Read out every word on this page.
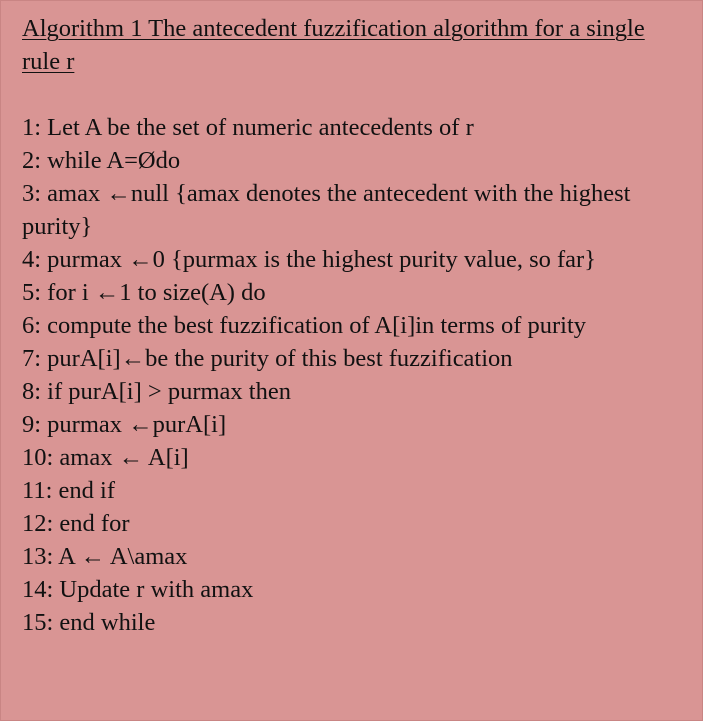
Algorithm 1 The antecedent fuzzification algorithm for a single rule r
1: Let A be the set of numeric antecedents of r
2: while A=Ødo
3: amax ←null {amax denotes the antecedent with the highest purity}
4: purmax ←0 {purmax is the highest purity value, so far}
5: for i ←1 to size(A) do
6: compute the best fuzzification of A[i]in terms of purity
7: purA[i]←be the purity of this best fuzzification
8: if purA[i] > purmax then
9: purmax ←purA[i]
10: amax ← A[i]
11: end if
12: end for
13: A ← A\amax
14: Update r with amax
15: end while
